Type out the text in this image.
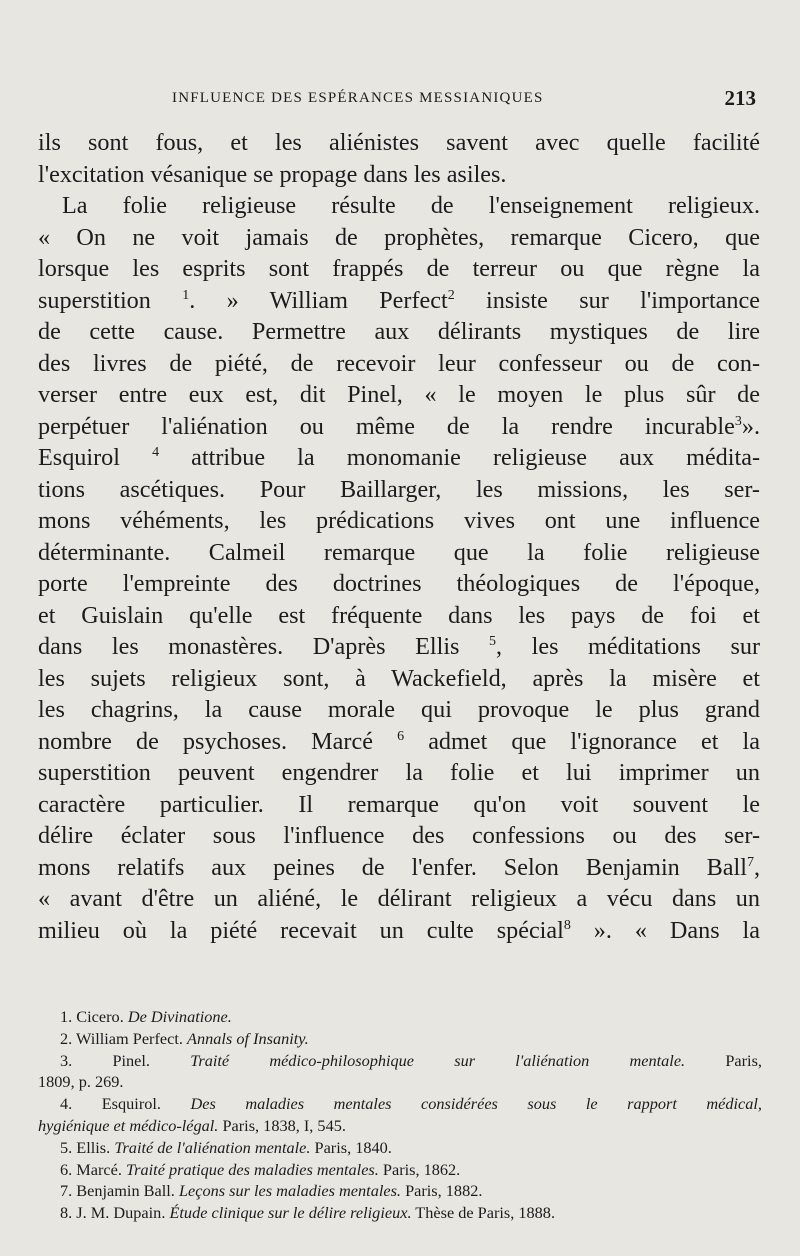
INFLUENCE DES ESPÉRANCES MESSIANIQUES	213
ils sont fous, et les aliénistes savent avec quelle facilité
l'excitation vésanique se propage dans les asiles.
La folie religieuse résulte de l'enseignement religieux.
« On ne voit jamais de prophètes, remarque Cicero, que
lorsque les esprits sont frappés de terreur ou que règne la
superstition $^1$. » William Perfect$^2$ insiste sur l'importance
de cette cause. Permettre aux délirants mystiques de lire
des livres de piété, de recevoir leur confesseur ou de con-
verser entre eux est, dit Pinel, « le moyen le plus sûr de
perpétuer l'aliénation ou même de la rendre incurable$^3$».
Esquirol $^4$ attribue la monomanie religieuse aux médita-
tions ascétiques. Pour Baillarger, les missions, les ser-
mons véhéments, les prédications vives ont une influence
déterminante. Calmeil remarque que la folie religieuse
porte l'empreinte des doctrines théologiques de l'époque,
et Guislain qu'elle est fréquente dans les pays de foi et
dans les monastères. D'après Ellis $^5$, les méditations sur
les sujets religieux sont, à Wackefield, après la misère et
les chagrins, la cause morale qui provoque le plus grand
nombre de psychoses. Marcé $^6$ admet que l'ignorance et la
superstition peuvent engendrer la folie et lui imprimer un
caractère particulier. Il remarque qu'on voit souvent le
délire éclater sous l'influence des confessions ou des ser-
mons relatifs aux peines de l'enfer. Selon Benjamin Ball$^7$,
« avant d'être un aliéné, le délirant religieux a vécu dans un
milieu où la piété recevait un culte spécial$^8$ ». « Dans la
1. Cicero. De Divinatione.
2. William Perfect. Annals of Insanity.
3. Pinel. Traité médico-philosophique sur l'aliénation mentale. Paris,
1809, p. 269.
4. Esquirol. Des maladies mentales considérées sous le rapport médical,
hygiénique et médico-légal. Paris, 1838, I, 545.
5. Ellis. Traité de l'aliénation mentale. Paris, 1840.
6. Marcé. Traité pratique des maladies mentales. Paris, 1862.
7. Benjamin Ball. Leçons sur les maladies mentales. Paris, 1882.
8. J. M. Dupain. Étude clinique sur le délire religieux. Thèse de Paris, 1888.
